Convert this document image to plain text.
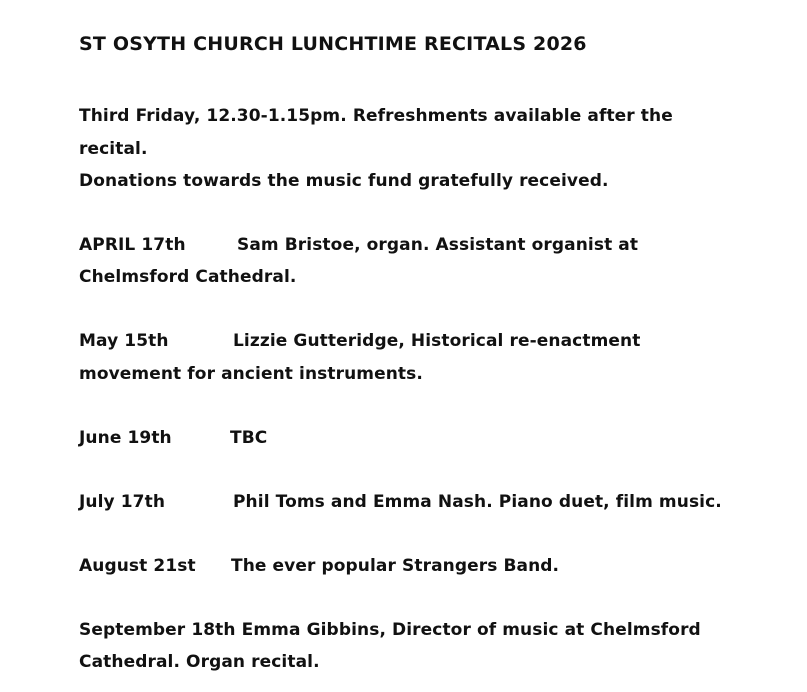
ST OSYTH CHURCH LUNCHTIME RECITALS 2026
Third Friday, 12.30-1.15pm. Refreshments available after the
recital.
Donations towards the music fund gratefully received.
APRIL 17th	Sam Bristoe, organ. Assistant organist at
Chelmsford Cathedral.
May 15th	Lizzie Gutteridge, Historical re-enactment
movement for ancient instruments.
June 19th	TBC
July 17th	Phil Toms and Emma Nash. Piano duet, film music.
August 21st The ever popular Strangers Band.
September 18th Emma Gibbins, Director of music at Chelmsford
Cathedral. Organ recital.
